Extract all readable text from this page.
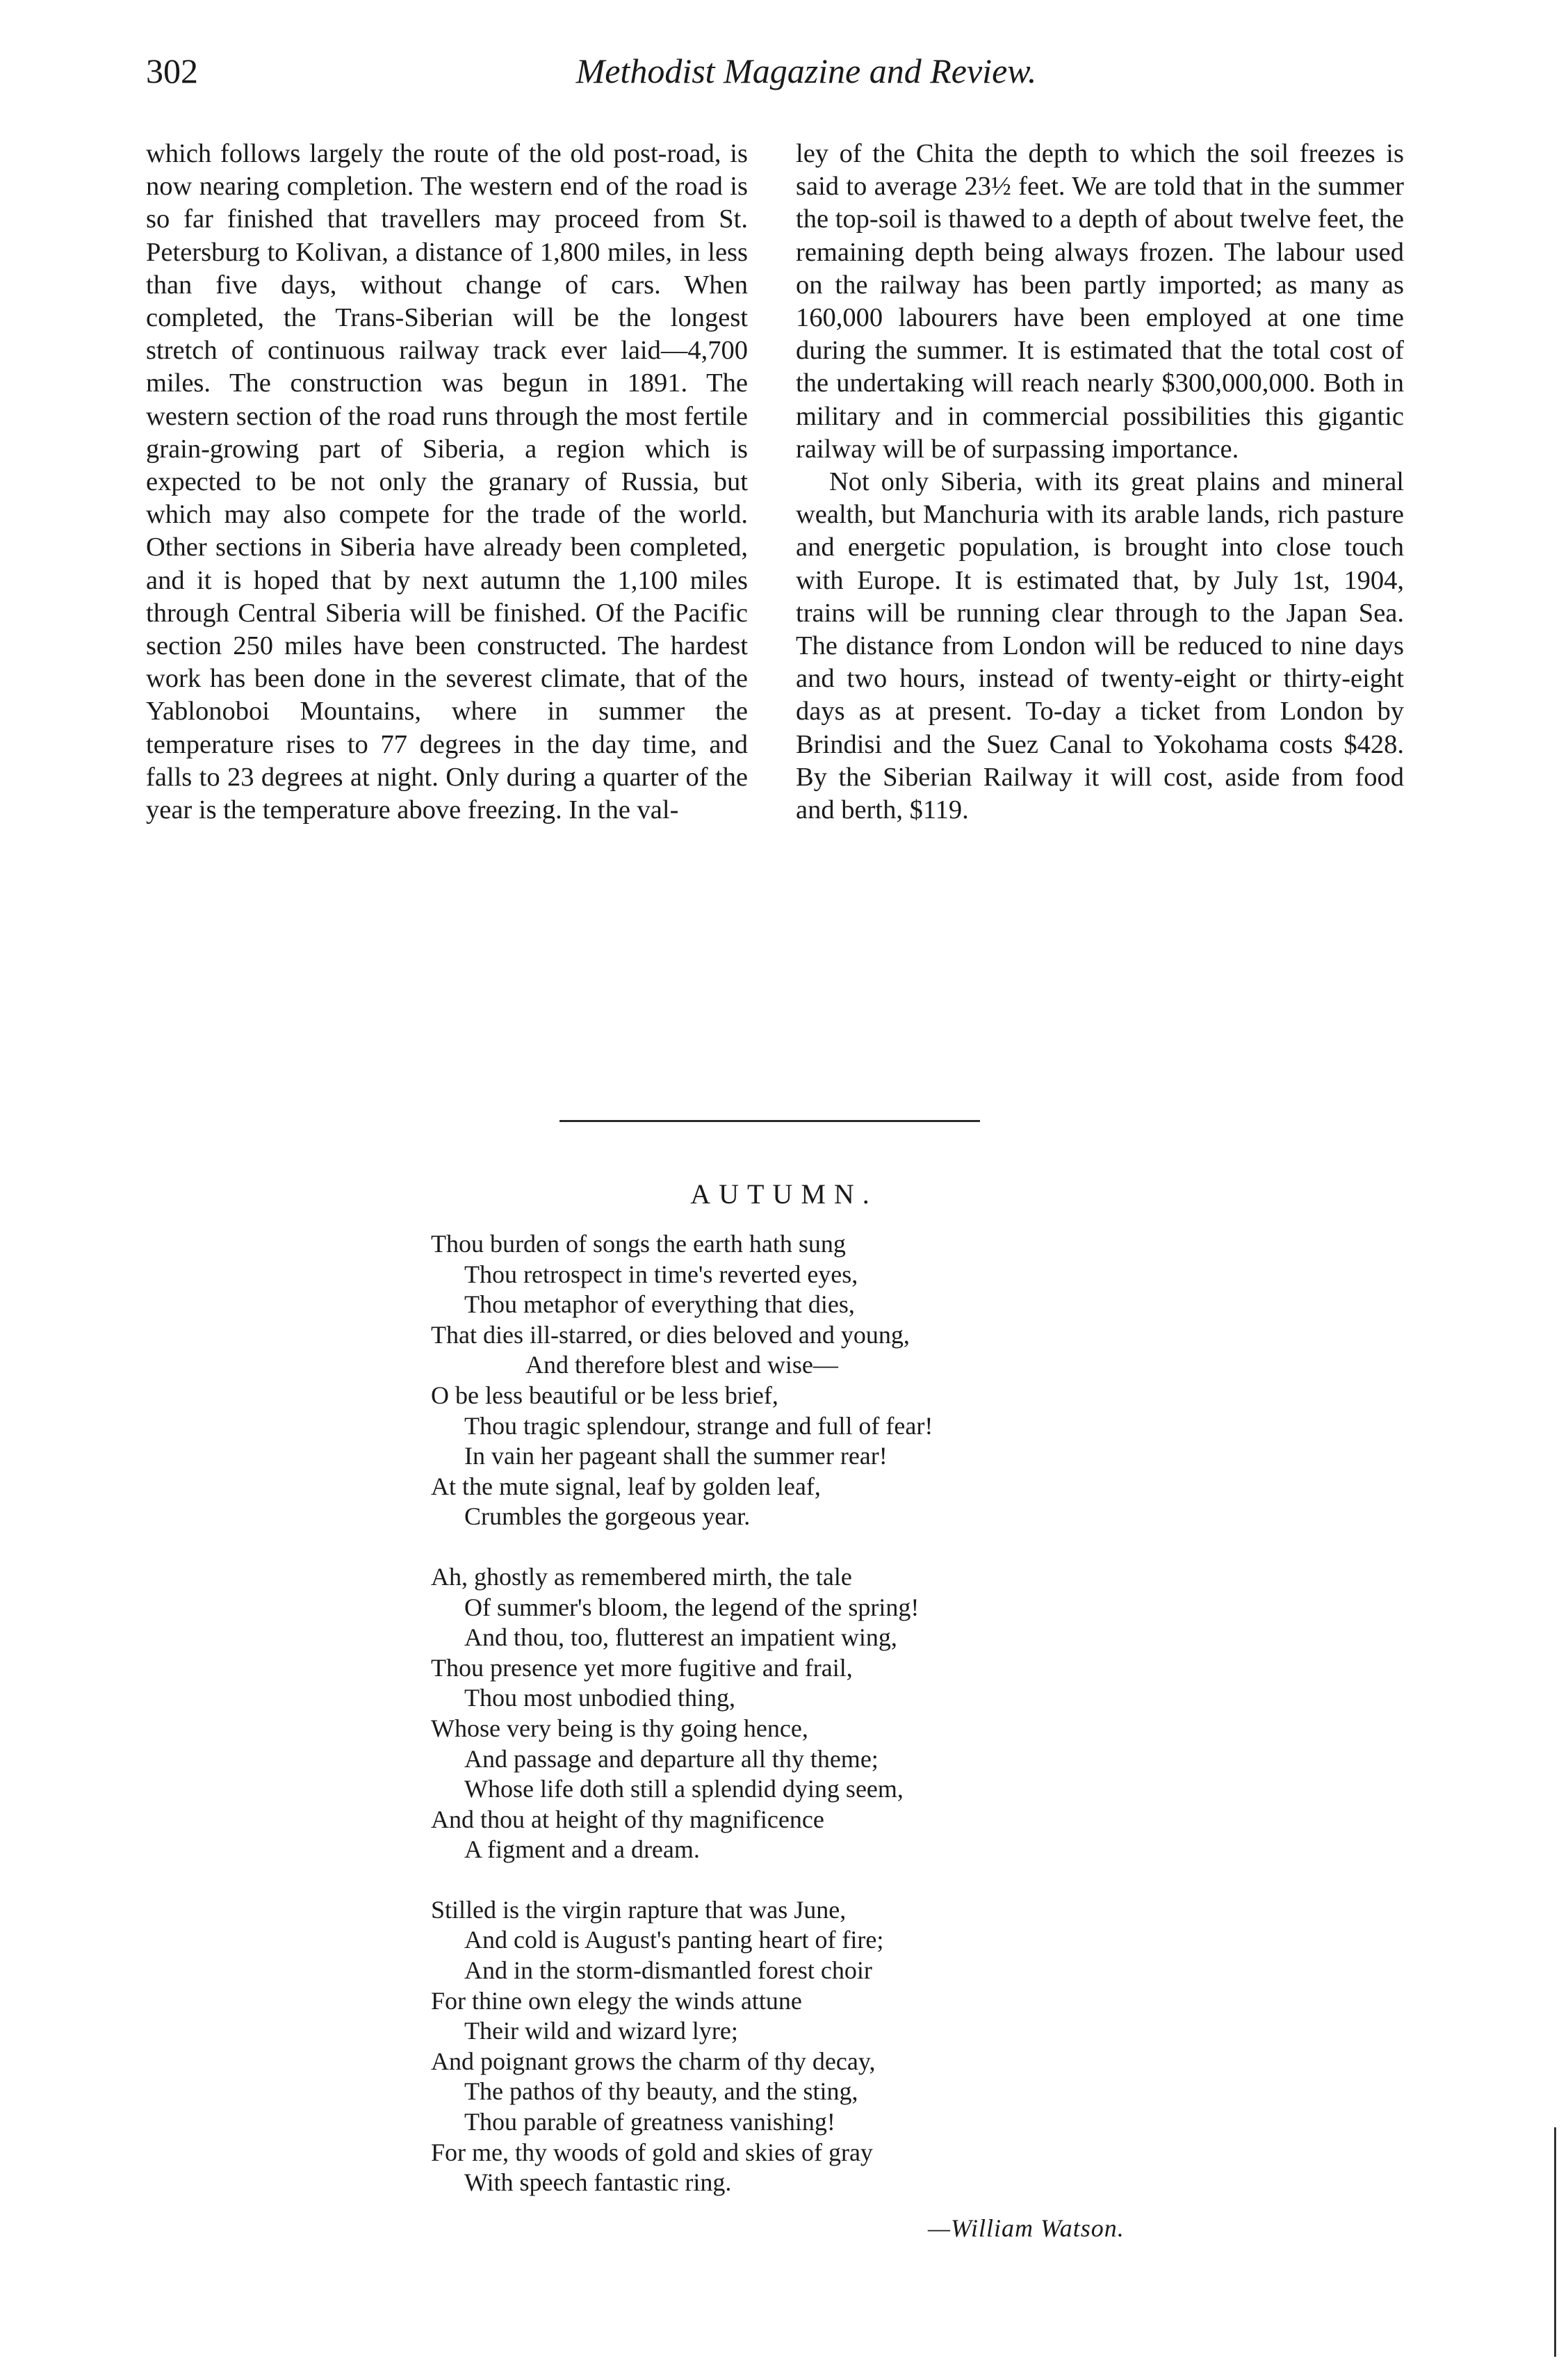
302	Methodist Magazine and Review.

which follows largely the route of the old post-road, is now nearing completion. The western end of the road is so far finished that travellers may proceed from St. Petersburg to Kolivan, a distance of 1,800 miles, in less than five days, without change of cars. When completed, the Trans-Siberian will be the longest stretch of continuous railway track ever laid—4,700 miles. The construction was begun in 1891. The western section of the road runs through the most fertile grain-growing part of Siberia, a region which is expected to be not only the granary of Russia, but which may also compete for the trade of the world. Other sections in Siberia have already been completed, and it is hoped that by next autumn the 1,100 miles through Central Siberia will be finished. Of the Pacific section 250 miles have been constructed. The hardest work has been done in the severest climate, that of the Yablonoboi Mountains, where in summer the temperature rises to 77 degrees in the day time, and falls to 23 degrees at night. Only during a quarter of the year is the temperature above freezing. In the val-

ley of the Chita the depth to which the soil freezes is said to average 23½ feet. We are told that in the summer the top-soil is thawed to a depth of about twelve feet, the remaining depth being always frozen. The labour used on the railway has been partly imported; as many as 160,000 labourers have been employed at one time during the summer. It is estimated that the total cost of the undertaking will reach nearly $300,000,000. Both in military and in commercial possibilities this gigantic railway will be of surpassing importance.

Not only Siberia, with its great plains and mineral wealth, but Manchuria with its arable lands, rich pasture and energetic population, is brought into close touch with Europe. It is estimated that, by July 1st, 1904, trains will be running clear through to the Japan Sea. The distance from London will be reduced to nine days and two hours, instead of twenty-eight or thirty-eight days as at present. To-day a ticket from London by Brindisi and the Suez Canal to Yokohama costs $428. By the Siberian Railway it will cost, aside from food and berth, $119.

AUTUMN.
Thou burden of songs the earth hath sung
Thou retrospect in time's reverted eyes,
Thou metaphor of everything that dies,
That dies ill-starred, or dies beloved and young,
And therefore blest and wise—
O be less beautiful or be less brief,
Thou tragic splendour, strange and full of fear!
In vain her pageant shall the summer rear!
At the mute signal, leaf by golden leaf,
Crumbles the gorgeous year.
Ah, ghostly as remembered mirth, the tale
Of summer's bloom, the legend of the spring!
And thou, too, flutterest an impatient wing,
Thou presence yet more fugitive and frail,
Thou most unbodied thing,
Whose very being is thy going hence,
And passage and departure all thy theme;
Whose life doth still a splendid dying seem,
And thou at height of thy magnificence
A figment and a dream.
Stilled is the virgin rapture that was June,
And cold is August's panting heart of fire;
And in the storm-dismantled forest choir
For thine own elegy the winds attune
Their wild and wizard lyre;
And poignant grows the charm of thy decay,
The pathos of thy beauty, and the sting,
Thou parable of greatness vanishing!
For me, thy woods of gold and skies of gray
With speech fantastic ring.
—William Watson.
